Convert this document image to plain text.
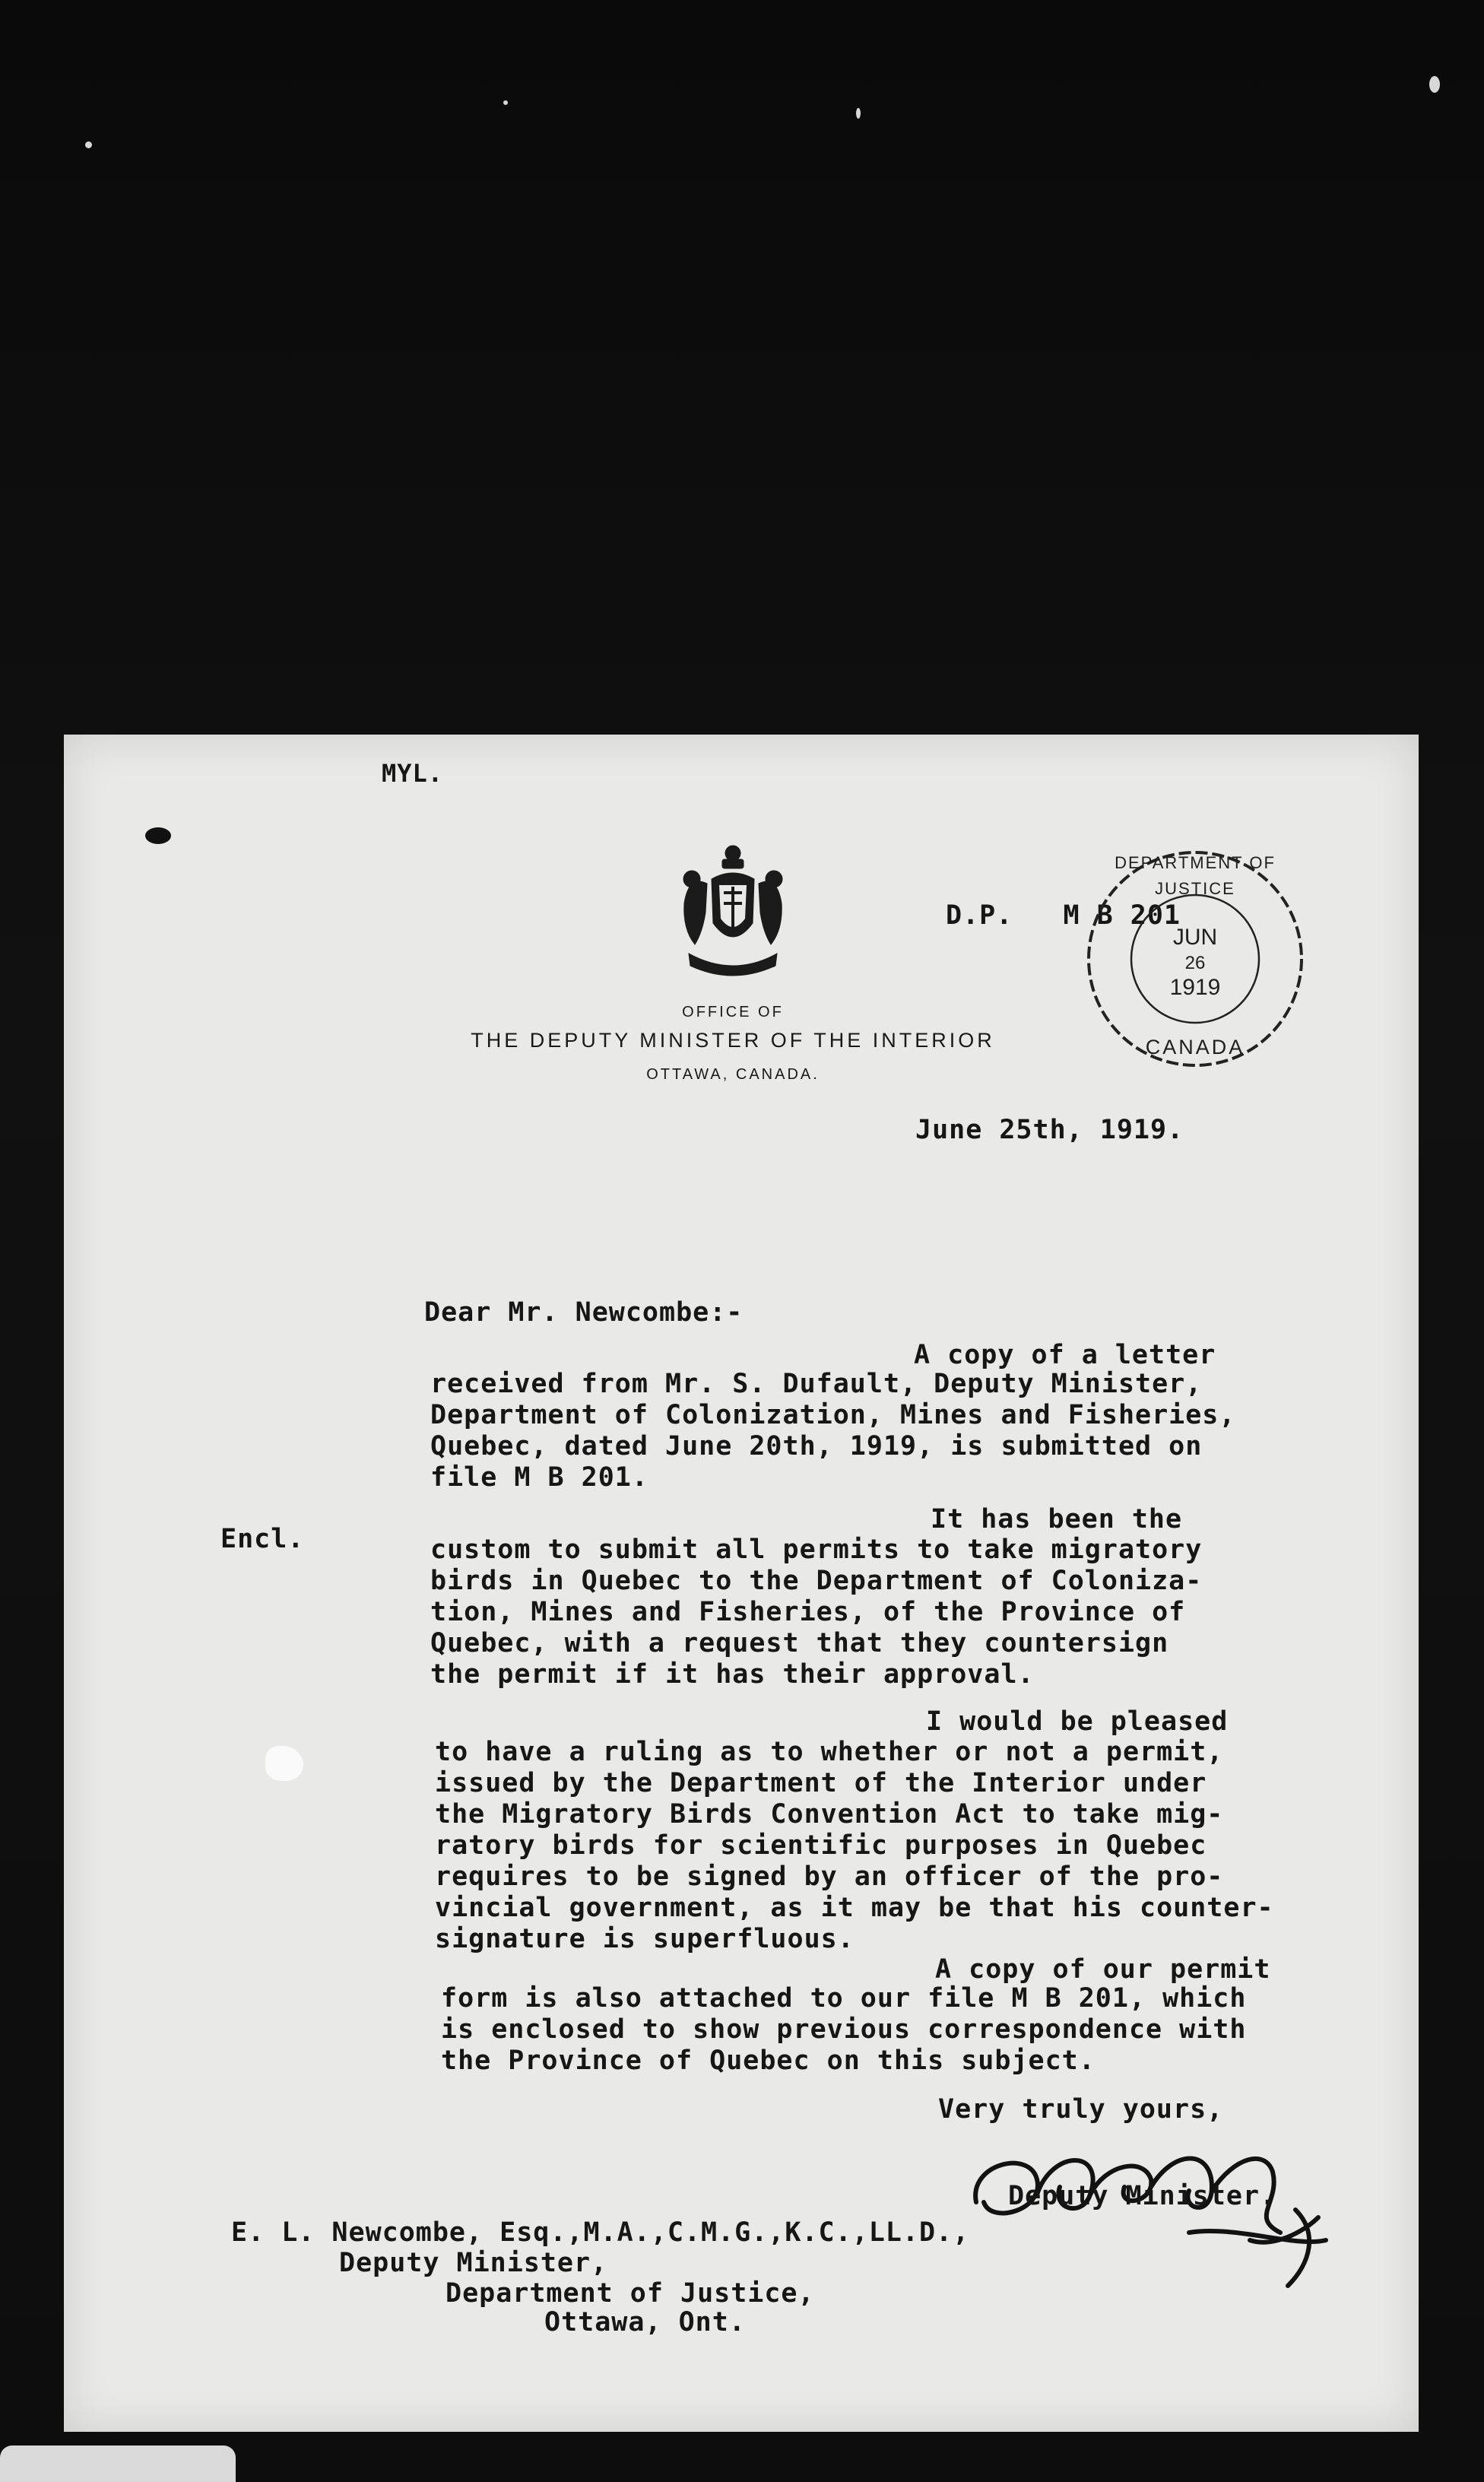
MYL.
OFFICE OF
THE DEPUTY MINISTER OF THE INTERIOR
OTTAWA, CANADA.
D.P.   M B 201
DEPARTMENT OF JUSTICE
JUN
26
1919
CANADA
June 25th, 1919.
Dear Mr. Newcombe:-
A copy of a letter
received from Mr. S. Dufault, Deputy Minister,
Department of Colonization, Mines and Fisheries,
Quebec, dated June 20th, 1919, is submitted on
file M B 201.
Encl.
It has been the
custom to submit all permits to take migratory
birds in Quebec to the Department of Coloniza-
tion, Mines and Fisheries, of the Province of
Quebec, with a request that they countersign
the permit if it has their approval.
I would be pleased
to have a ruling as to whether or not a permit,
issued by the Department of the Interior under
the Migratory Birds Convention Act to take mig-
ratory birds for scientific purposes in Quebec
requires to be signed by an officer of the pro-
vincial government, as it may be that his counter-
signature is superfluous.
A copy of our permit
form is also attached to our file M B 201, which
is enclosed to show previous correspondence with
the Province of Quebec on this subject.
Very truly yours,
Deputy Minister.
E. L. Newcombe, Esq.,M.A.,C.M.G.,K.C.,LL.D.,
Deputy Minister,
Department of Justice,
Ottawa, Ont.
